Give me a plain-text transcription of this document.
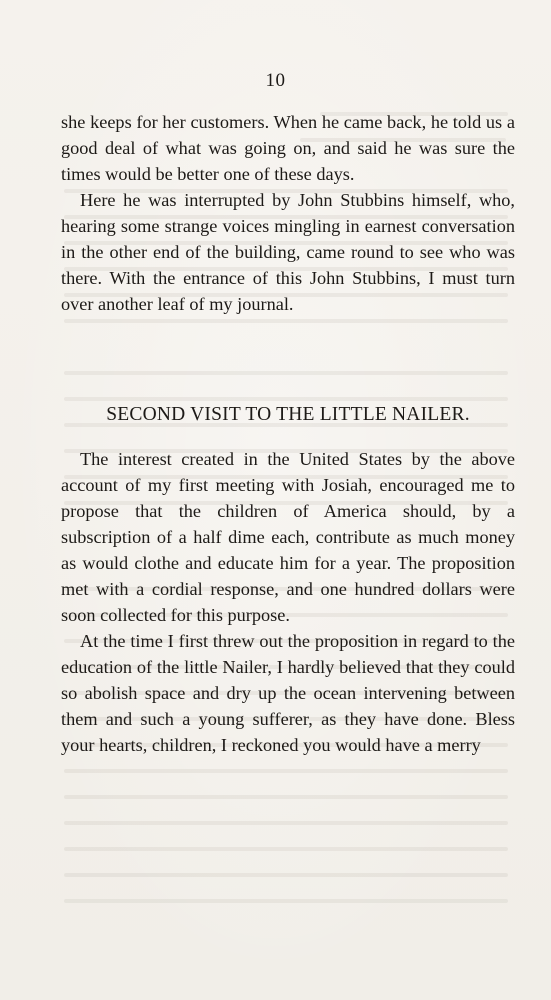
10

she keeps for her customers. When he came back, he told us a good deal of what was going on, and said he was sure the times would be better one of these days.

Here he was interrupted by John Stubbins himself, who, hearing some strange voices mingling in earnest conversation in the other end of the building, came round to see who was there. With the entrance of this John Stubbins, I must turn over another leaf of my journal.

SECOND VISIT TO THE LITTLE NAILER.

The interest created in the United States by the above account of my first meeting with Josiah, encouraged me to propose that the children of America should, by a subscription of a half dime each, contribute as much money as would clothe and educate him for a year. The proposition met with a cordial response, and one hundred dollars were soon collected for this purpose.

At the time I first threw out the proposition in regard to the education of the little Nailer, I hardly believed that they could so abolish space and dry up the ocean intervening between them and such a young sufferer, as they have done. Bless your hearts, children, I reckoned you would have a merry
